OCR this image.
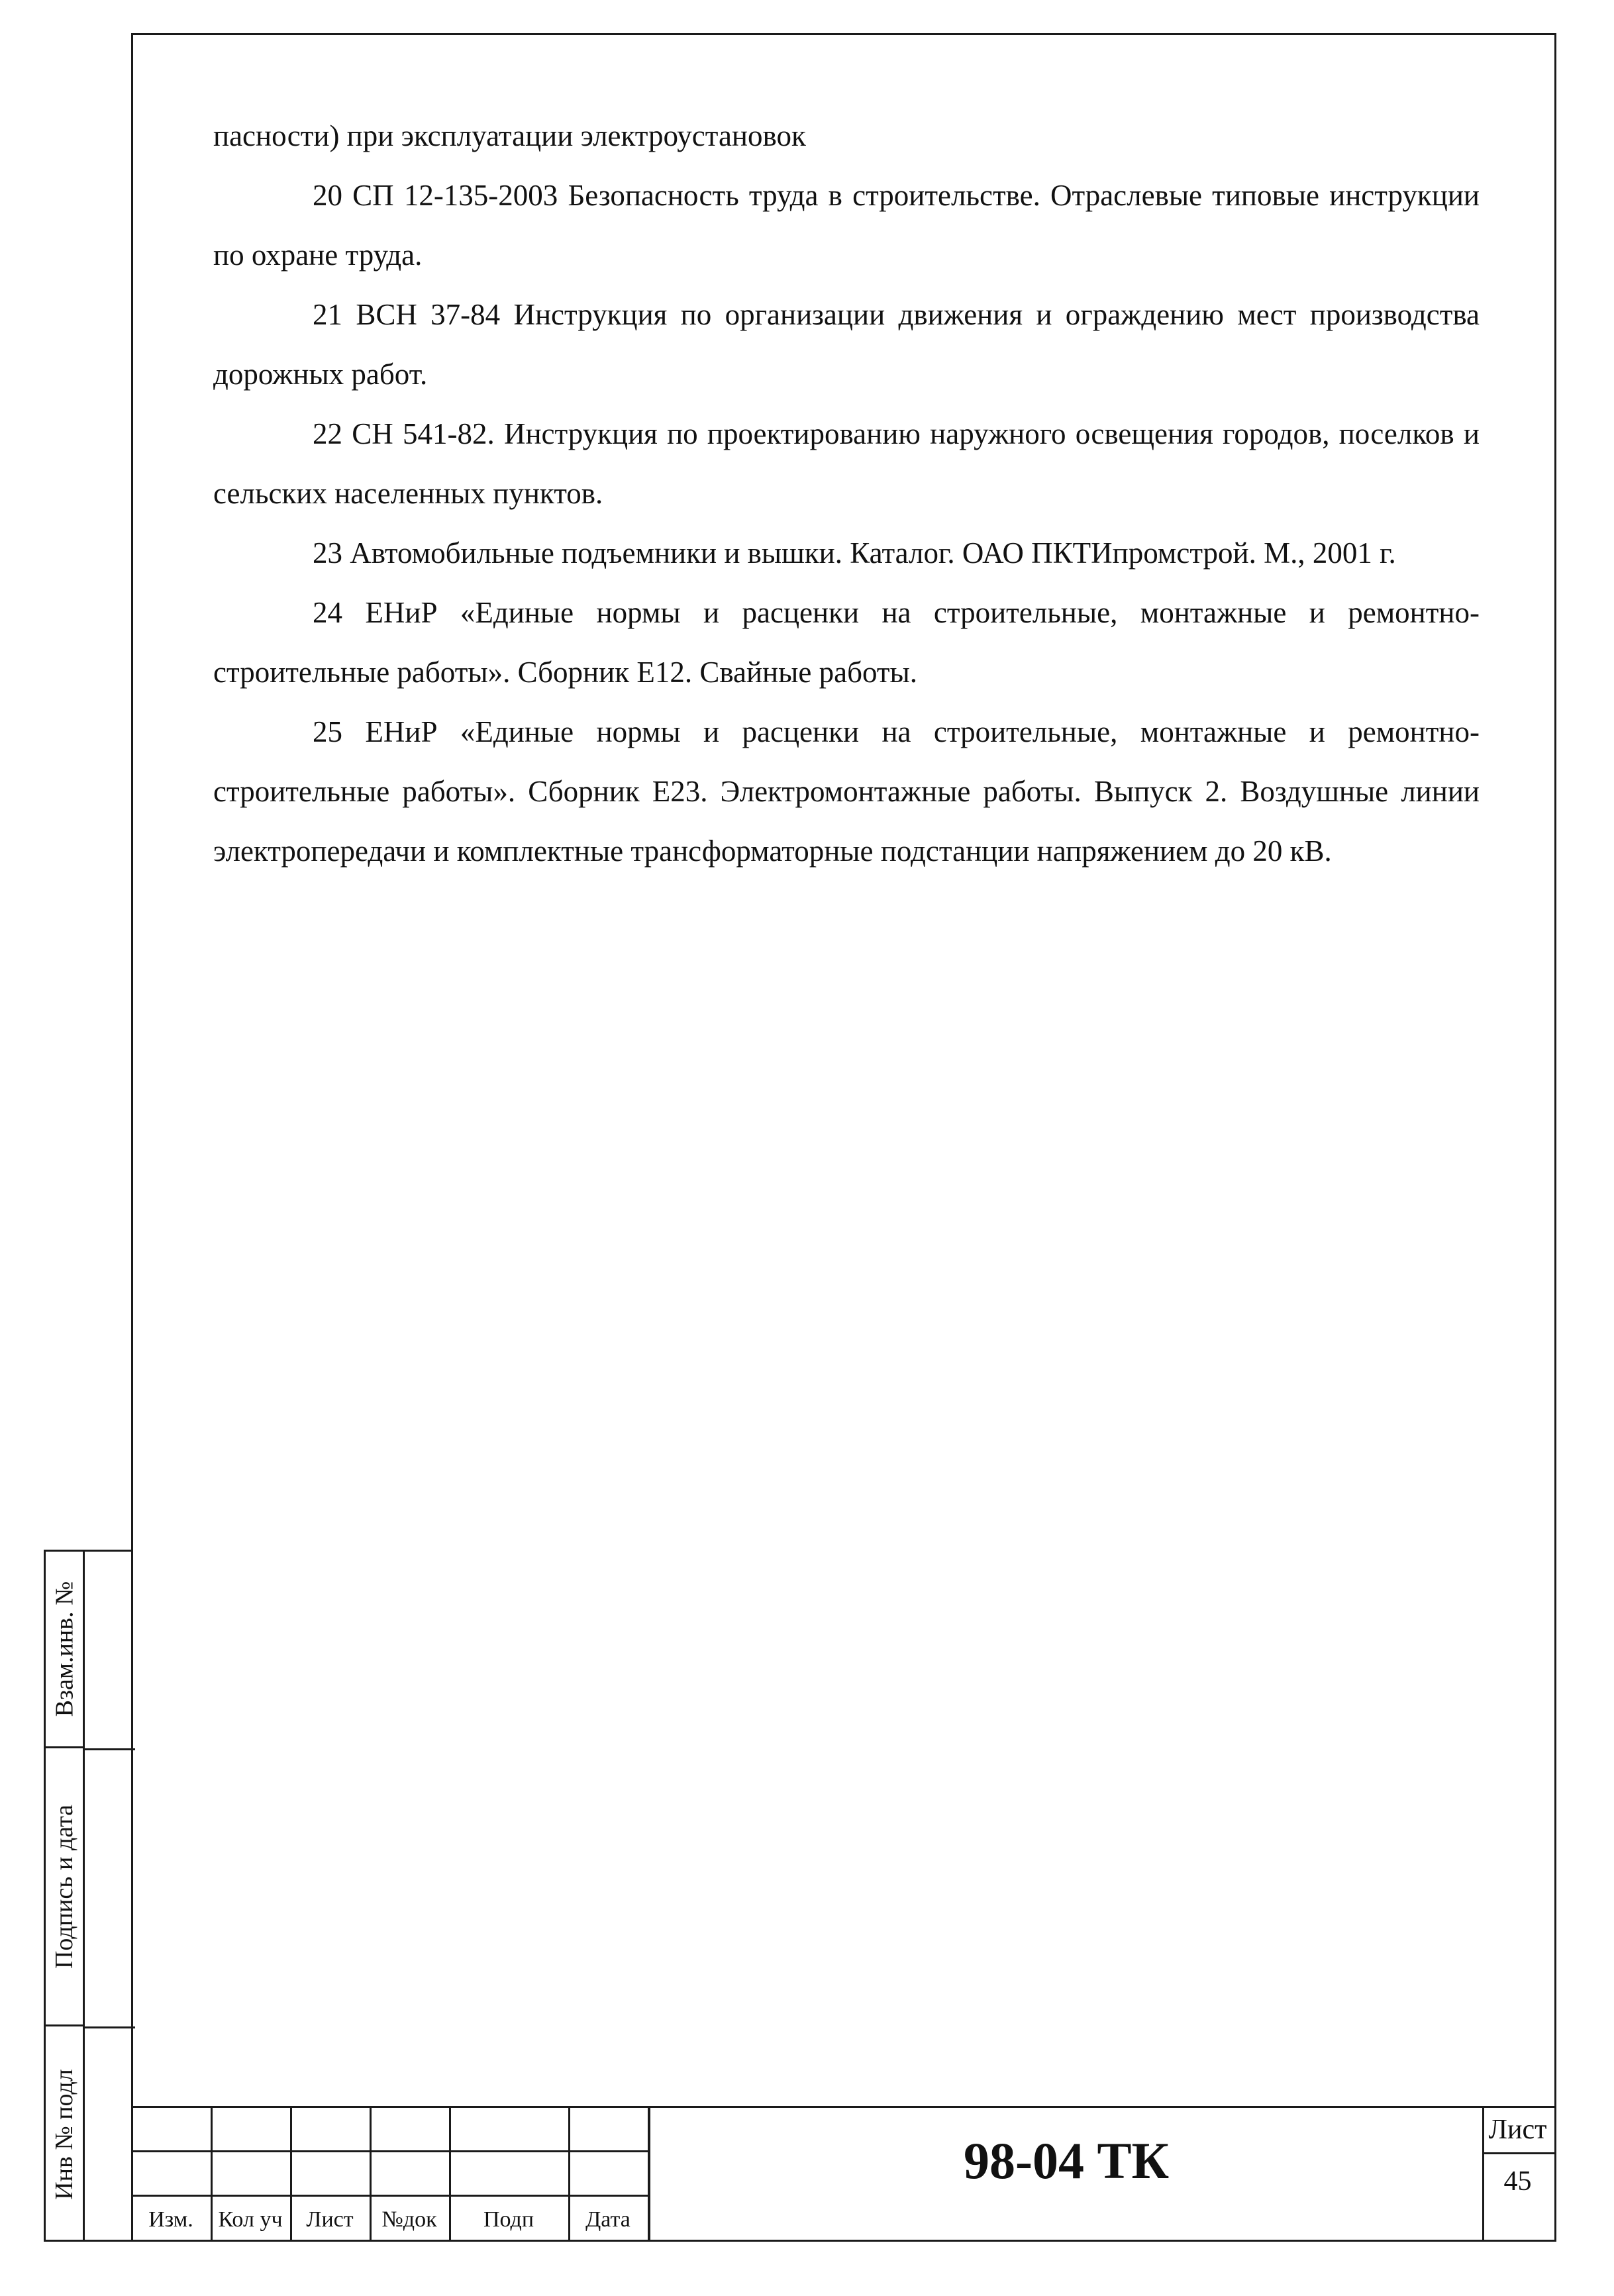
пасности) при эксплуатации электроустановок

20 СП 12-135-2003 Безопасность труда в строительстве. Отраслевые типовые инструкции по охране труда.

21 ВСН 37-84 Инструкция по организации движения и ограждению мест производства дорожных работ.

22 СН 541-82. Инструкция по проектированию наружного освещения городов, поселков и сельских населенных пунктов.

23 Автомобильные подъемники и вышки. Каталог. ОАО ПКТИпромстрой. М., 2001 г.

24 ЕНиР «Единые нормы и расценки на строительные, монтажные и ремонтно-строительные работы». Сборник Е12. Свайные работы.

25 ЕНиР «Единые нормы и расценки на строительные, монтажные и ремонтно-строительные работы». Сборник Е23. Электромонтажные работы. Выпуск 2. Воздушные линии электропередачи и комплектные трансформаторные подстанции напряжением до 20 кВ.

Взам.инв. №
Подпись и дата
Инв № подл
Изм.	Кол уч	Лист	№док	Подп	Дата
98-04 ТК
Лист
45
